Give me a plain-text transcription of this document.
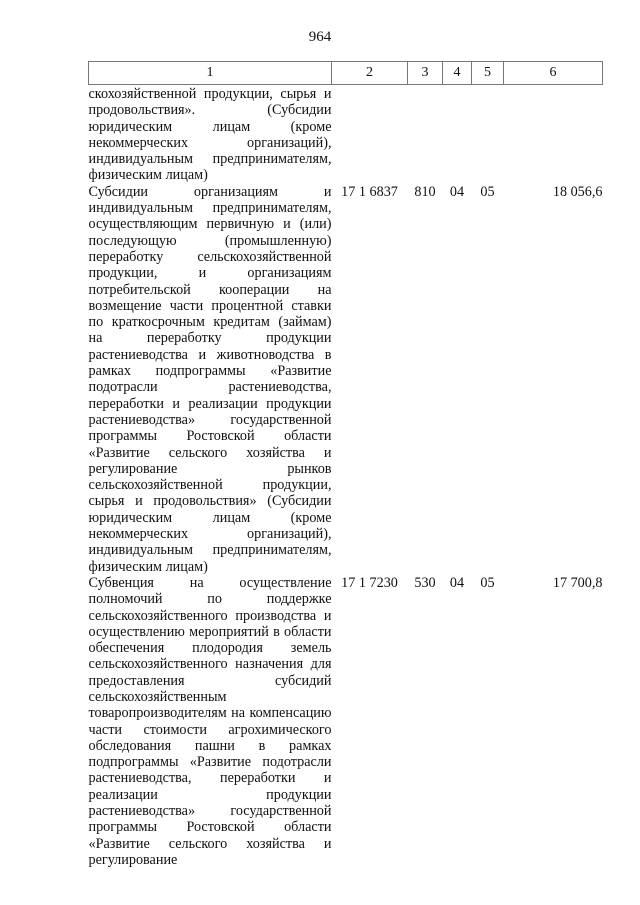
964
1	2	3	4	5	6
скохозяйственной продукции, сырья и продовольствия». (Субсидии юридическим лицам (кроме некоммерческих организаций), индивидуальным предпринимателям, физическим лицам)					
Субсидии организациям и индивидуальным предпринимателям, осуществляющим первичную и (или) последующую (промышленную) переработку сельскохозяйственной продукции, и организациям потребительской кооперации на возмещение части процентной ставки по краткосрочным кредитам (займам) на переработку продукции растениеводства и животноводства в рамках подпрограммы «Развитие подотрасли растениеводства, переработки и реализации продукции растениеводства» государственной программы Ростовской области «Развитие сельского хозяйства и регулирование рынков сельскохозяйственной продукции, сырья и продовольствия» (Субсидии юридическим лицам (кроме некоммерческих организаций), индивидуальным предпринимателям, физическим лицам)	17 1 6837	810	04	05	18 056,6
Субвенция на осуществление полномочий по поддержке сельскохозяйственного производства и осуществлению мероприятий в области обеспечения плодородия земель сельскохозяйственного назначения для предоставления субсидий сельскохозяйственным товаропроизводителям на компенсацию части стоимости агрохимического обследования пашни в рамках подпрограммы «Развитие подотрасли растениеводства, переработки и реализации продукции растениеводства» государственной программы Ростовской области «Развитие сельского хозяйства и регулирование	17 1 7230	530	04	05	17 700,8
